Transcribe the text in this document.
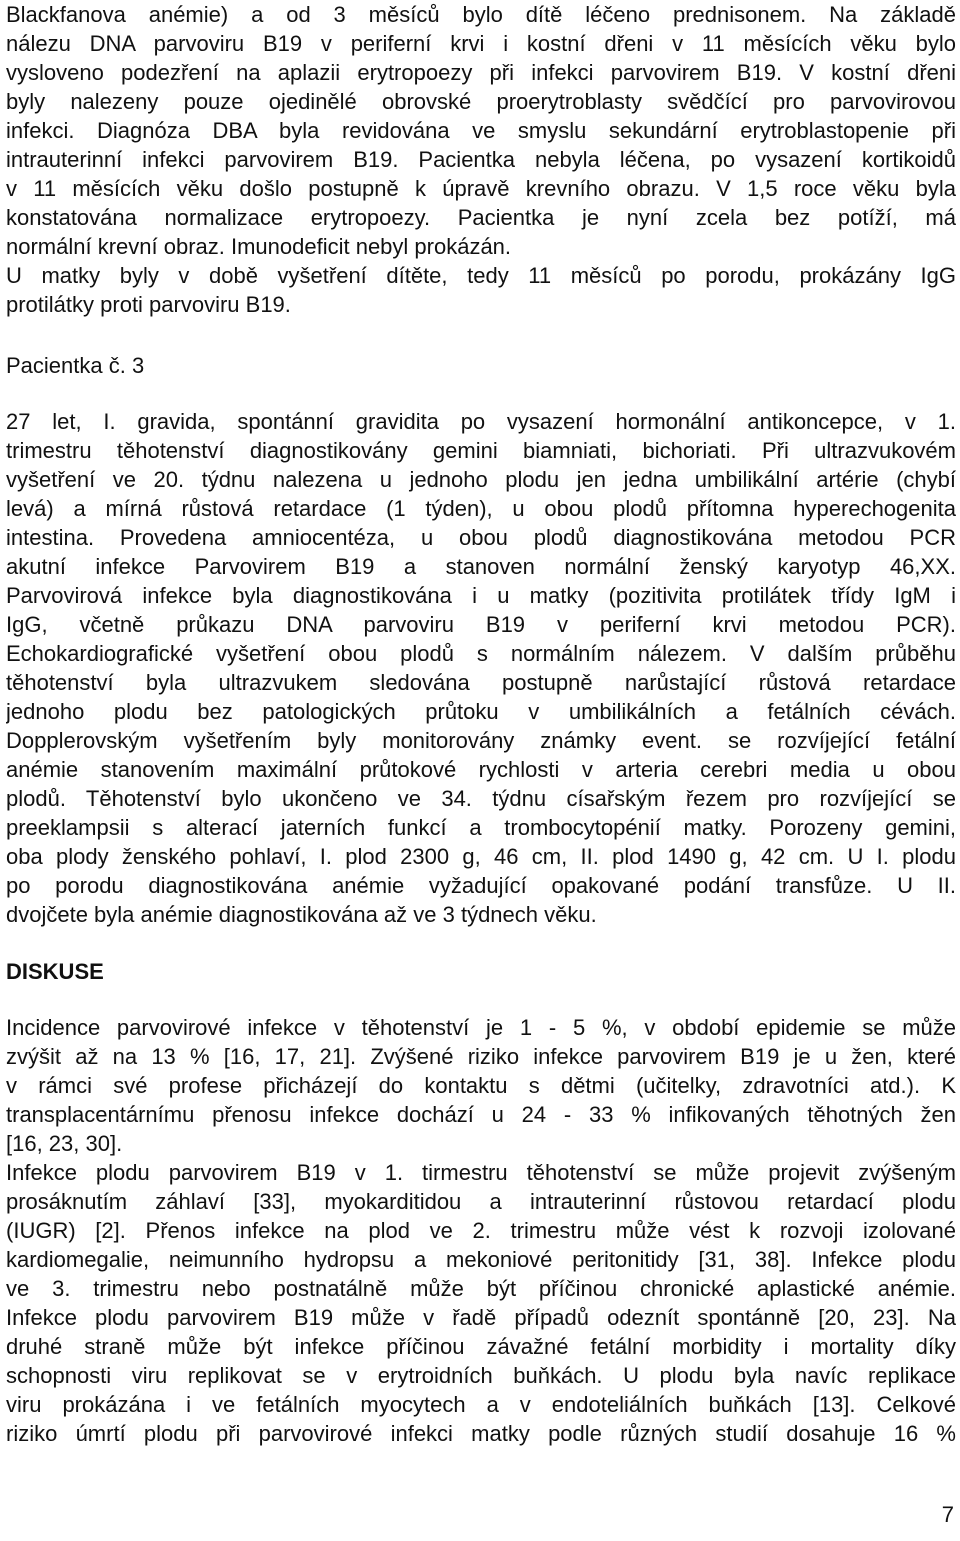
Blackfanova anémie) a od 3 měsíců bylo dítě léčeno prednisonem. Na základě
nálezu DNA parvoviru B19 v periferní krvi i kostní dřeni v 11 měsících věku bylo
vysloveno podezření na aplazii erytropoezy při infekci parvovirem B19. V kostní dřeni
byly nalezeny pouze ojedinělé obrovské proerytroblasty svědčící pro parvovirovou
infekci. Diagnóza DBA byla revidována ve smyslu sekundární erytroblastopenie při
intrauterinní infekci parvovirem B19. Pacientka nebyla léčena, po vysazení kortikoidů
v 11 měsících věku došlo postupně k úpravě krevního obrazu. V 1,5 roce věku byla
konstatována normalizace erytropoezy. Pacientka je nyní zcela bez potíží, má
normální krevní obraz. Imunodeficit nebyl prokázán.
U matky byly v době vyšetření dítěte, tedy 11 měsíců po porodu, prokázány IgG
protilátky proti parvoviru B19.
Pacientka č. 3
27 let, I. gravida, spontánní gravidita po vysazení hormonální antikoncepce, v 1.
trimestru těhotenství diagnostikovány gemini biamniati, bichoriati. Při ultrazvukovém
vyšetření ve 20. týdnu nalezena u jednoho plodu jen jedna umbilikální artérie (chybí
levá) a mírná růstová retardace (1 týden), u obou plodů přítomna hyperechogenita
intestina. Provedena amniocentéza, u obou plodů diagnostikována metodou PCR
akutní infekce Parvovirem B19 a stanoven normální ženský karyotyp 46,XX.
Parvovirová infekce byla diagnostikována i u matky (pozitivita protilátek třídy IgM i
IgG, včetně průkazu DNA parvoviru B19 v periferní krvi metodou PCR).
Echokardiografické vyšetření obou plodů s normálním nálezem. V dalším průběhu
těhotenství byla ultrazvukem sledována postupně narůstající růstová retardace
jednoho plodu bez patologických průtoku v umbilikálních a fetálních cévách.
Dopplerovským vyšetřením byly monitorovány známky event. se rozvíjející fetální
anémie stanovením maximální průtokové rychlosti v arteria cerebri media u obou
plodů. Těhotenství bylo ukončeno ve 34. týdnu císařským řezem pro rozvíjející se
preeklampsii s alterací jaterních funkcí a trombocytopénií matky. Porozeny gemini,
oba plody ženského pohlaví, I. plod 2300 g, 46 cm, II. plod 1490 g, 42 cm. U I. plodu
po porodu diagnostikována anémie vyžadující opakované podání transfůze. U II.
dvojčete byla anémie diagnostikována až ve 3 týdnech věku.
DISKUSE
Incidence parvovirové infekce v těhotenství je 1 - 5 %, v období epidemie se může
zvýšit až na 13 % [16, 17, 21]. Zvýšené riziko infekce parvovirem B19 je u žen, které
v rámci své profese přicházejí do kontaktu s dětmi (učitelky, zdravotníci atd.). K
transplacentárnímu přenosu infekce dochází u 24 - 33 % infikovaných těhotných žen
[16, 23, 30].
Infekce plodu parvovirem B19 v 1. tirmestru těhotenství se může projevit zvýšeným
prosáknutím záhlaví [33], myokarditidou a intrauterinní růstovou retardací plodu
(IUGR) [2]. Přenos infekce na plod ve 2. trimestru může vést k rozvoji izolované
kardiomegalie, neimunního hydropsu a mekoniové peritonitidy [31, 38]. Infekce plodu
ve 3. trimestru nebo postnatálně může být příčinou chronické aplastické anémie.
Infekce plodu parvovirem B19 může v řadě případů odeznít spontánně [20, 23]. Na
druhé straně může být infekce příčinou závažné fetální morbidity i mortality díky
schopnosti viru replikovat se v erytroidních buňkách. U plodu byla navíc replikace
viru prokázána i ve fetálních myocytech a v endoteliálních buňkách [13]. Celkové
riziko úmrtí plodu při parvovirové infekci matky podle různých studií dosahuje 16 %
7
